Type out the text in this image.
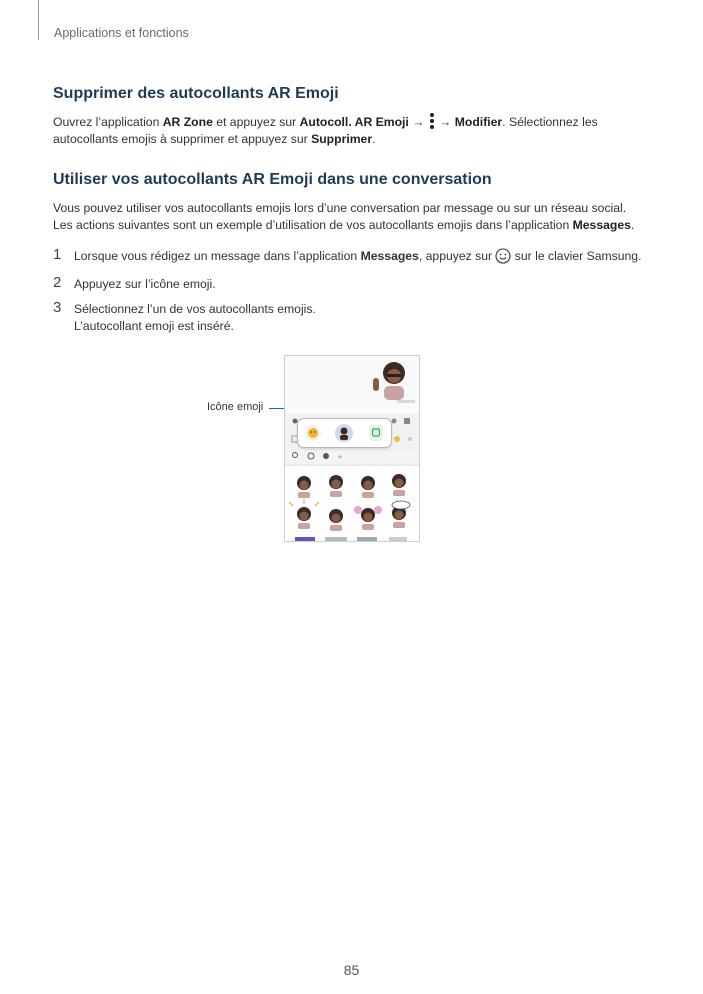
Applications et fonctions
Supprimer des autocollants AR Emoji

Ouvrez l’application AR Zone et appuyez sur Autocoll. AR Emoji →
→ Modifier. Sélectionnez les
autocollants emojis à supprimer et appuyez sur Supprimer.

Utiliser vos autocollants AR Emoji dans une conversation

Vous pouvez utiliser vos autocollants emojis lors d’une conversation par message ou sur un réseau social.
Les actions suivantes sont un exemple d’utilisation de vos autocollants emojis dans l’application Messages.

1 Lorsque vous rédigez un message dans l’application Messages, appuyez sur  sur le clavier Samsung.
2 Appuyez sur l’icône emoji.
3 Sélectionnez l’un de vos autocollants emojis.
L’autocollant emoji est inséré.
Icône emoji
+
85
